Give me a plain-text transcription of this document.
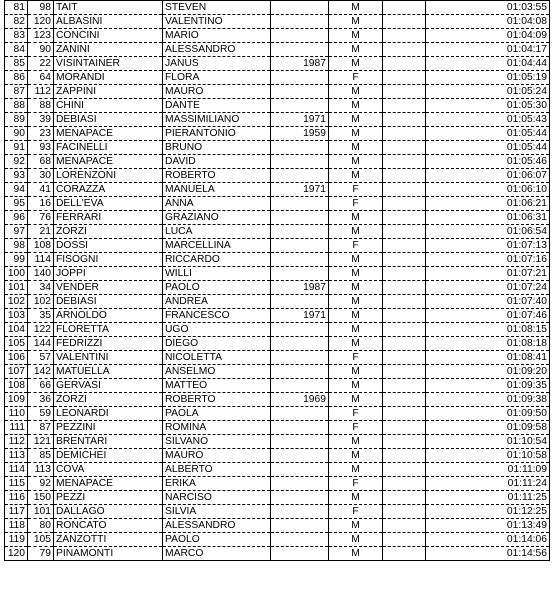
81	98	TAIT	STEVEN		M		01:03:55
82	120	ALBASINI	VALENTINO		M		01:04:08
83	123	CONCINI	MARIO		M		01:04:09
84	90	ZANINI	ALESSANDRO		M		01:04:17
85	22	VISINTAINER	JANUS	1987	M		01:04:44
86	64	MORANDI	FLORA		F		01:05:19
87	112	ZAPPINI	MAURO		M		01:05:24
88	88	CHINI	DANTE		M		01:05:30
89	39	DEBIASI	MASSIMILIANO	1971	M		01:05:43
90	23	MENAPACE	PIERANTONIO	1959	M		01:05:44
91	93	FACINELLI	BRUNO		M		01:05:44
92	68	MENAPACE	DAVID		M		01:05:46
93	30	LORENZONI	ROBERTO		M		01:06:07
94	41	CORAZZA	MANUELA	1971	F		01:06:10
95	16	DELL'EVA	ANNA		F		01:06:21
96	76	FERRARI	GRAZIANO		M		01:06:31
97	21	ZORZI	LUCA		M		01:06:54
98	108	DOSSI	MARCELLINA		F		01:07:13
99	114	FISOGNI	RICCARDO		M		01:07:16
100	140	JOPPI	WILLI		M		01:07:21
101	34	VENDER	PAOLO	1987	M		01:07:24
102	102	DEBIASI	ANDREA		M		01:07:40
103	35	ARNOLDO	FRANCESCO	1971	M		01:07:46
104	122	FLORETTA	UGO		M		01:08:15
105	144	FEDRIZZI	DIEGO		M		01:08:18
106	57	VALENTINI	NICOLETTA		F		01:08:41
107	142	MATUELLA	ANSELMO		M		01:09:20
108	66	GERVASI	MATTEO		M		01:09:35
109	36	ZORZI	ROBERTO	1969	M		01:09:38
110	59	LEONARDI	PAOLA		F		01:09:50
111	87	PEZZINI	ROMINA		F		01:09:58
112	121	BRENTARI	SILVANO		M		01:10:54
113	85	DEMICHEI	MAURO		M		01:10:58
114	113	COVA	ALBERTO		M		01:11:09
115	92	MENAPACE	ERIKA		F		01:11:24
116	150	PEZZI	NARCISO		M		01:11:25
117	101	DALLAGO	SILVIA		F		01:12:25
118	80	RONCATO	ALESSANDRO		M		01:13:49
119	105	ZANZOTTI	PAOLO		M		01:14:06
120	79	PINAMONTI	MARCO		M		01:14:56
